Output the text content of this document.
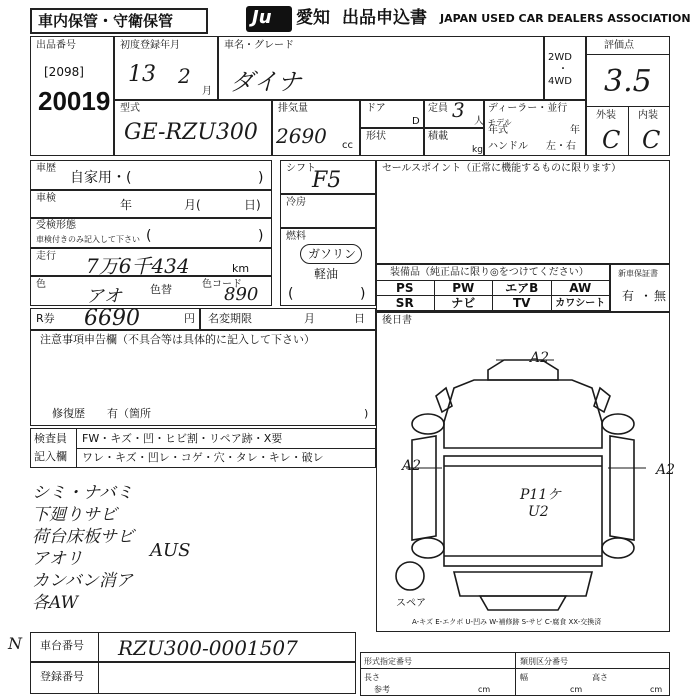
車内保管・守衛保管	Ju 愛知 出品申込書 JAPAN USED CAR DEALERS ASSOCIATION
出品番号
[2098]
20019
初度登録年月
13 2
月
車名・グレード
ダイナ
2WD
・
4WD
評価点
3.5
外装 内装
C C
型式
GE-RZU300
排気量
2690 cc
ドア
D
形状
定員 3 人
積載
kg
ディーラー・並行
モデル
年式	年
ハンドル 左・右
車歴
自家用・(	)
車検	年	月(	日)
受検形態
車検付きのみ記入して下さい (	)
走行 7万6千434	km
色
アオ	色替	色コード
890
シフト
F5
冷房
燃料
ガソリン
軽油
(	)
セールスポイント（正常に機能するものに限ります）
装備品（純正品に限り◎をつけてください）
PS	PW	エアB	AW
SR	ナビ	TV	カワシート
新車保証書
有 ・ 無
R券 6690	円 名変期限	月	日
注意事項申告欄（不具合等は具体的に記入して下さい）
修復歴　　有（箇所	)
後日書
検査員
記入欄
FW・キズ・凹・ヒビ割・リペア跡・X要
ワレ・キズ・凹レ・コゲ・穴・タレ・キレ・破レ
シミ・ナバミ
下廻りサビ
荷台床板サビ
アオリ
カンバン消ア
各AW
AUS
A2
A2	A2
P11ケ
U2
スペア
A-キズ E-エクボ U-凹み W-補修跡 S-サビ C-腐食 XX-交換済
N 車台番号 RZU300-0001507
登録番号
形式指定番号	類別区分番号
長さ	幅	高さ
参考	cm	cm	cm
